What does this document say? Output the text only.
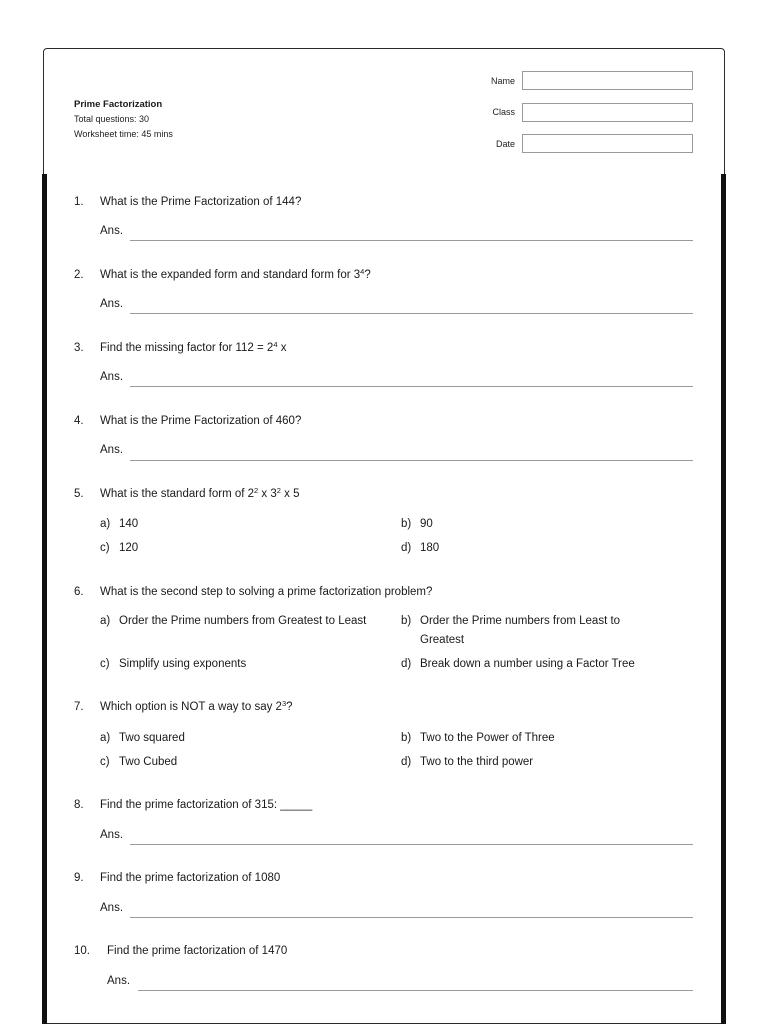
Prime Factorization
Total questions: 30
Worksheet time: 45 mins
Name
Class
Date
1. What is the Prime Factorization of 144?
Ans.
2. What is the expanded form and standard form for $3^4$?
Ans.
3. Find the missing factor for $112 = 2^4$ x
Ans.
4. What is the Prime Factorization of 460?
Ans.
5. What is the standard form of $2^2$ x $3^2$ x 5
a) 140	b) 90
c) 120	d) 180
6. What is the second step to solving a prime factorization problem?
a) Order the Prime numbers from Greatest to Least	b) Order the Prime numbers from Least to Greatest
c) Simplify using exponents	d) Break down a number using a Factor Tree
7. Which option is NOT a way to say $2^3$?
a) Two squared	b) Two to the Power of Three
c) Two Cubed	d) Two to the third power
8. Find the prime factorization of 315: _____
Ans.
9. Find the prime factorization of 1080
Ans.
10. Find the prime factorization of 1470
Ans.
